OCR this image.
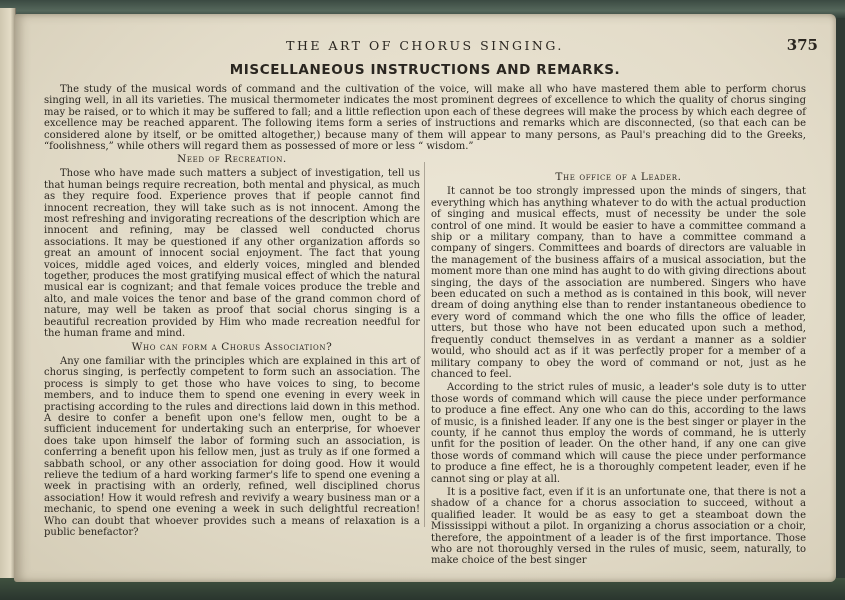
THE ART OF CHORUS SINGING.	375
MISCELLANEOUS INSTRUCTIONS AND REMARKS.

The study of the musical words of command and the cultivation of the voice, will make all who have mastered them able to perform chorus singing well, in all its varieties. The musical thermometer indicates the most prominent degrees of excellence to which the quality of chorus singing may be raised, or to which it may be suffered to fall; and a little reflection upon each of these degrees will make the process by which each degree of excellence may be reached apparent. The following items form a series of instructions and remarks which are disconnected, (so that each can be considered alone by itself, or be omitted altogether,) because many of them will appear to many persons, as Paul's preaching did to the Greeks, “foolishness,” while others will regard them as possessed of more or less “ wisdom.”

Need of Recreation.

Those who have made such matters a subject of investigation, tell us that human beings require recreation, both mental and physical, as much as they require food. Experience proves that if people cannot find innocent recreation, they will take such as is not innocent. Among the most refreshing and invigorating recreations of the description which are innocent and refining, may be classed well conducted chorus associations. It may be questioned if any other organization affords so great an amount of innocent social enjoyment. The fact that young voices, middle aged voices, and elderly voices, mingled and blended together, produces the most gratifying musical effect of which the natural musical ear is cognizant; and that female voices produce the treble and alto, and male voices the tenor and base of the grand common chord of nature, may well be taken as proof that social chorus singing is a beautiful recreation provided by Him who made recreation needful for the human frame and mind.

Who can form a Chorus Association?

Any one familiar with the principles which are explained in this art of chorus singing, is perfectly competent to form such an association. The process is simply to get those who have voices to sing, to become members, and to induce them to spend one evening in every week in practising according to the rules and directions laid down in this method. A desire to confer a benefit upon one's fellow men, ought to be a sufficient inducement for undertaking such an enterprise, for whoever does take upon himself the labor of forming such an association, is conferring a benefit upon his fellow men, just as truly as if one formed a sabbath school, or any other association for doing good. How it would relieve the tedium of a hard working farmer's life to spend one evening a week in practising with an orderly, refined, well disciplined chorus association! How it would refresh and revivify a weary business man or a mechanic, to spend one evening a week in such delightful recreation! Who can doubt that whoever provides such a means of relaxation is a public benefactor?

The office of a Leader.

It cannot be too strongly impressed upon the minds of singers, that everything which has anything whatever to do with the actual production of singing and musical effects, must of necessity be under the sole control of one mind. It would be easier to have a committee command a ship or a military company, than to have a committee command a company of singers. Committees and boards of directors are valuable in the management of the business affairs of a musical association, but the moment more than one mind has aught to do with giving directions about singing, the days of the association are numbered. Singers who have been educated on such a method as is contained in this book, will never dream of doing anything else than to render instantaneous obedience to every word of command which the one who fills the office of leader, utters, but those who have not been educated upon such a method, frequently conduct themselves in as verdant a manner as a soldier would, who should act as if it was perfectly proper for a member of a military company to obey the word of command or not, just as he chanced to feel.

According to the strict rules of music, a leader's sole duty is to utter those words of command which will cause the piece under performance to produce a fine effect. Any one who can do this, according to the laws of music, is a finished leader. If any one is the best singer or player in the county, if he cannot thus employ the words of command, he is utterly unfit for the position of leader. On the other hand, if any one can give those words of command which will cause the piece under performance to produce a fine effect, he is a thoroughly competent leader, even if he cannot sing or play at all.

It is a positive fact, even if it is an unfortunate one, that there is not a shadow of a chance for a chorus association to succeed, without a qualified leader. It would be as easy to get a steamboat down the Mississippi without a pilot. In organizing a chorus association or a choir, therefore, the appointment of a leader is of the first importance. Those who are not thoroughly versed in the rules of music, seem, naturally, to make choice of the best singer
